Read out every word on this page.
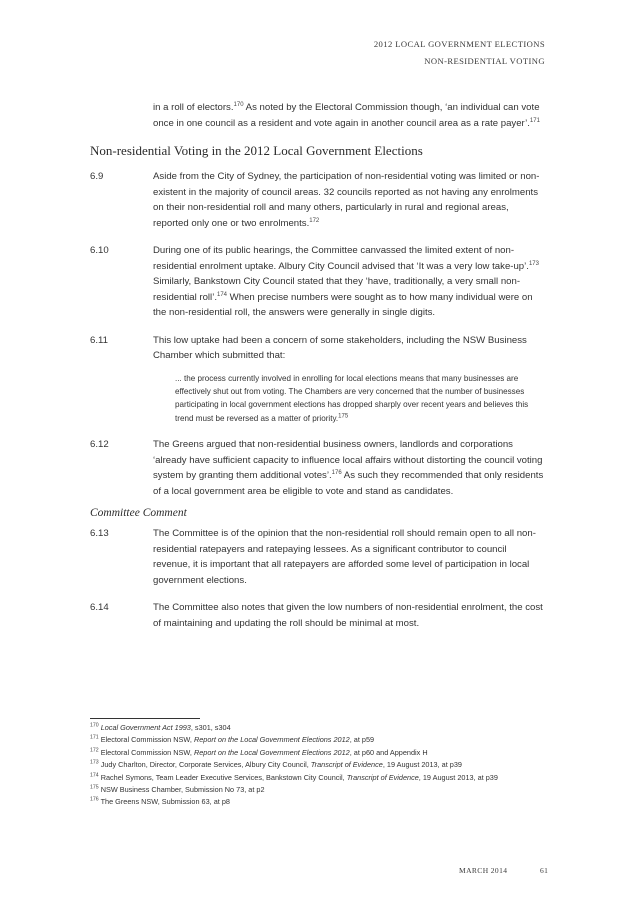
2012 LOCAL GOVERNMENT ELECTIONS
NON-RESIDENTIAL VOTING
in a roll of electors.$^{170}$ As noted by the Electoral Commission though, ‘an individual can vote once in one council as a resident and vote again in another council area as a rate payer’.$^{171}$
Non-residential Voting in the 2012 Local Government Elections
6.9	Aside from the City of Sydney, the participation of non-residential voting was limited or non-existent in the majority of council areas. 32 councils reported as not having any enrolments on their non-residential roll and many others, particularly in rural and regional areas, reported only one or two enrolments.$^{172}$
6.10	During one of its public hearings, the Committee canvassed the limited extent of non-residential enrolment uptake. Albury City Council advised that ‘It was a very low take-up’.$^{173}$ Similarly, Bankstown City Council stated that they ‘have, traditionally, a very small non-residential roll’.$^{174}$ When precise numbers were sought as to how many individual were on the non-residential roll, the answers were generally in single digits.
6.11	This low uptake had been a concern of some stakeholders, including the NSW Business Chamber which submitted that:
... the process currently involved in enrolling for local elections means that many businesses are effectively shut out from voting. The Chambers are very concerned that the number of businesses participating in local government elections has dropped sharply over recent years and believes this trend must be reversed as a matter of priority.$^{175}$
6.12	The Greens argued that non-residential business owners, landlords and corporations ‘already have sufficient capacity to influence local affairs without distorting the council voting system by granting them additional votes’.$^{176}$ As such they recommended that only residents of a local government area be eligible to vote and stand as candidates.
Committee Comment
6.13	The Committee is of the opinion that the non-residential roll should remain open to all non-residential ratepayers and ratepaying lessees. As a significant contributor to council revenue, it is important that all ratepayers are afforded some level of participation in local government elections.
6.14	The Committee also notes that given the low numbers of non-residential enrolment, the cost of maintaining and updating the roll should be minimal at most.
$^{170}$ Local Government Act 1993, s301, s304
$^{171}$ Electoral Commission NSW, Report on the Local Government Elections 2012, at p59
$^{172}$ Electoral Commission NSW, Report on the Local Government Elections 2012, at p60 and Appendix H
$^{173}$ Judy Charlton, Director, Corporate Services, Albury City Council, Transcript of Evidence, 19 August 2013, at p39
$^{174}$ Rachel Symons, Team Leader Executive Services, Bankstown City Council, Transcript of Evidence, 19 August 2013, at p39
$^{175}$ NSW Business Chamber, Submission No 73, at p2
$^{176}$ The Greens NSW, Submission 63, at p8
MARCH 2014	61
